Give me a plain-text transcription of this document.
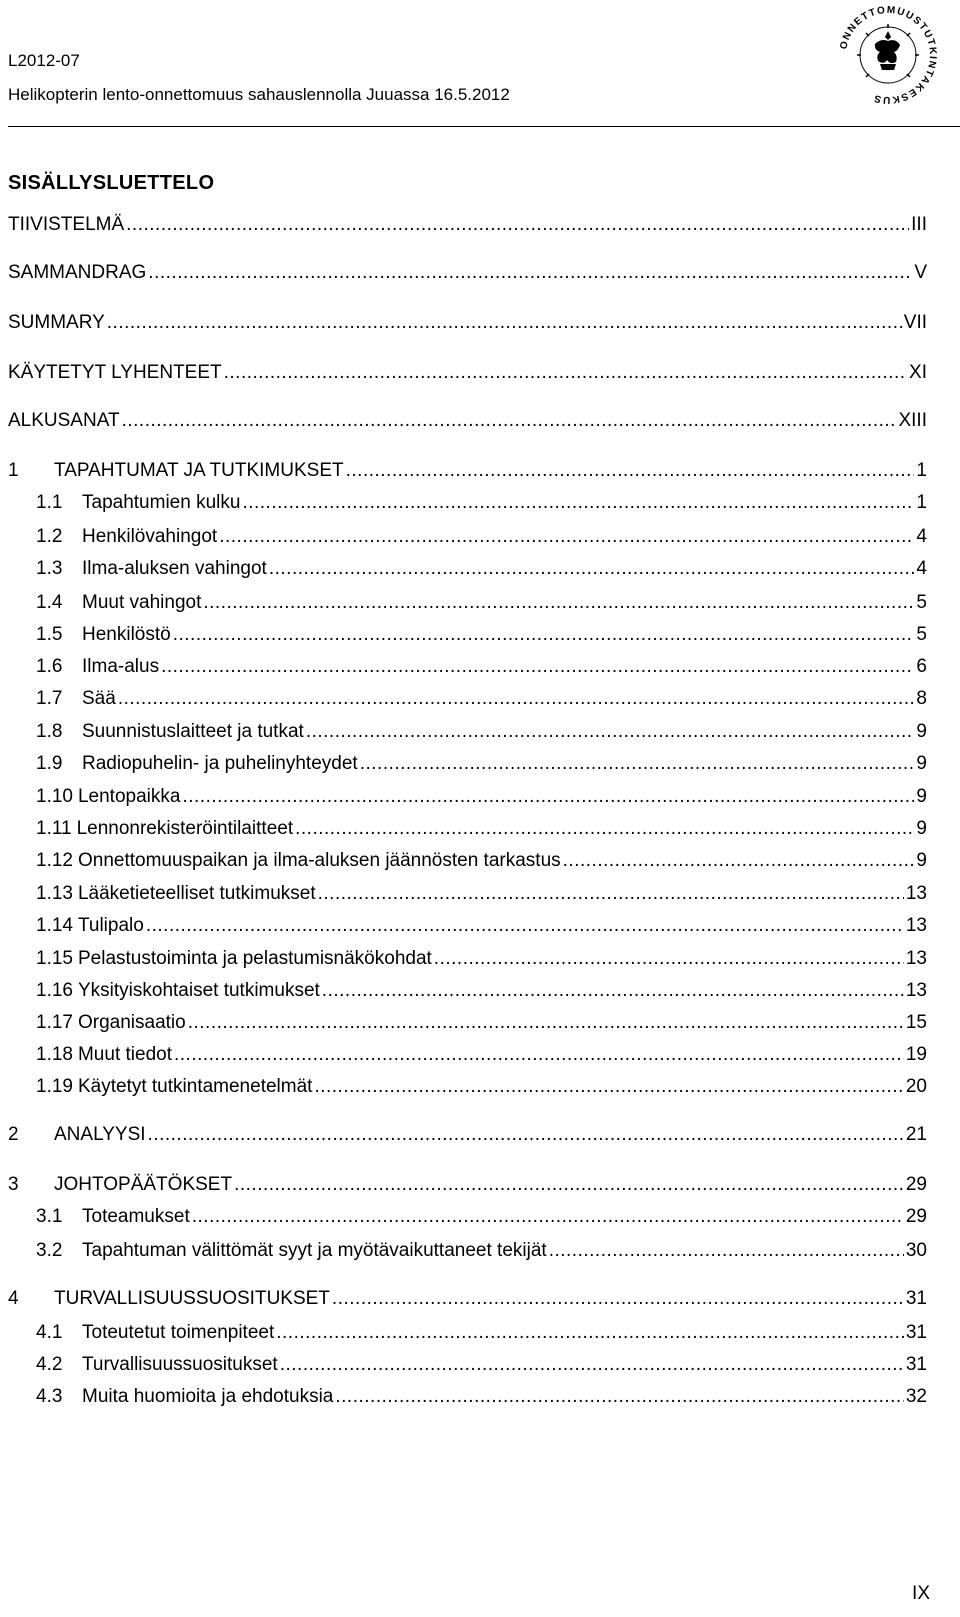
L2012-07
Helikopterin lento-onnettomuus sahauslennolla Juuassa 16.5.2012
ONNETTOMUUSTUTKINTAKESKUS
SISÄLLYSLUETTELO
TIIVISTELMÄ .....	III
SAMMANDRAG .....	V
SUMMARY .....	VII
KÄYTETYT LYHENTEET .....	XI
ALKUSANAT .....	XIII
1	TAPAHTUMAT JA TUTKIMUKSET .....	1
1.1	Tapahtumien kulku .....	1
1.2	Henkilövahingot .....	4
1.3	Ilma-aluksen vahingot .....	4
1.4	Muut vahingot .....	5
1.5	Henkilöstö .....	5
1.6	Ilma-alus .....	6
1.7	Sää .....	8
1.8	Suunnistuslaitteet ja tutkat .....	9
1.9	Radiopuhelin- ja puhelinyhteydet .....	9
1.10 Lentopaikka .....	9
1.11 Lennonrekisteröintilaitteet .....	9
1.12 Onnettomuuspaikan ja ilma-aluksen jäännösten tarkastus .....	9
1.13 Lääketieteelliset tutkimukset .....	13
1.14 Tulipalo .....	13
1.15 Pelastustoiminta ja pelastumisnäkökohdat .....	13
1.16 Yksityiskohtaiset tutkimukset .....	13
1.17 Organisaatio .....	15
1.18 Muut tiedot .....	19
1.19 Käytetyt tutkintamenetelmät .....	20
2	ANALYYSI .....	21
3	JOHTOPÄÄTÖKSET .....	29
3.1	Toteamukset .....	29
3.2	Tapahtuman välittömät syyt ja myötävaikuttaneet tekijät .....	30
4	TURVALLISUUSSUOSITUKSET .....	31
4.1	Toteutetut toimenpiteet .....	31
4.2	Turvallisuussuositukset .....	31
4.3	Muita huomioita ja ehdotuksia .....	32
IX
